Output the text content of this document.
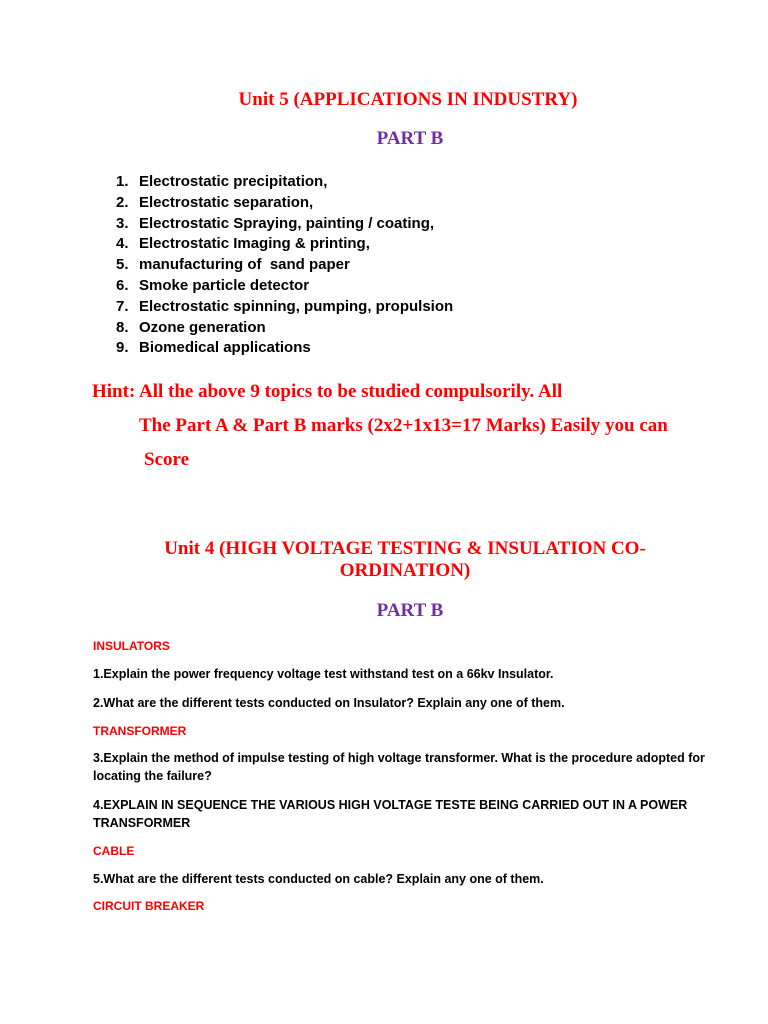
Unit 5 (APPLICATIONS IN INDUSTRY)
PART B
1. Electrostatic precipitation,
2. Electrostatic separation,
3. Electrostatic Spraying, painting / coating,
4. Electrostatic Imaging & printing,
5. manufacturing of  sand paper
6. Smoke particle detector
7. Electrostatic spinning, pumping, propulsion
8. Ozone generation
9. Biomedical applications
Hint: All the above 9 topics to be studied compulsorily. All
The Part A & Part B marks (2x2+1x13=17 Marks) Easily you can
Score
Unit 4 (HIGH VOLTAGE TESTING & INSULATION CO-ORDINATION)
PART B
INSULATORS
1.Explain the power frequency voltage test withstand test on a 66kv Insulator.
2.What are the different tests conducted on Insulator? Explain any one of them.
TRANSFORMER
3.Explain the method of impulse testing of high voltage transformer. What is the procedure adopted for locating the failure?
4.EXPLAIN IN SEQUENCE THE VARIOUS HIGH VOLTAGE TESTE BEING CARRIED OUT IN A POWER TRANSFORMER
CABLE
5.What are the different tests conducted on cable? Explain any one of them.
CIRCUIT BREAKER
